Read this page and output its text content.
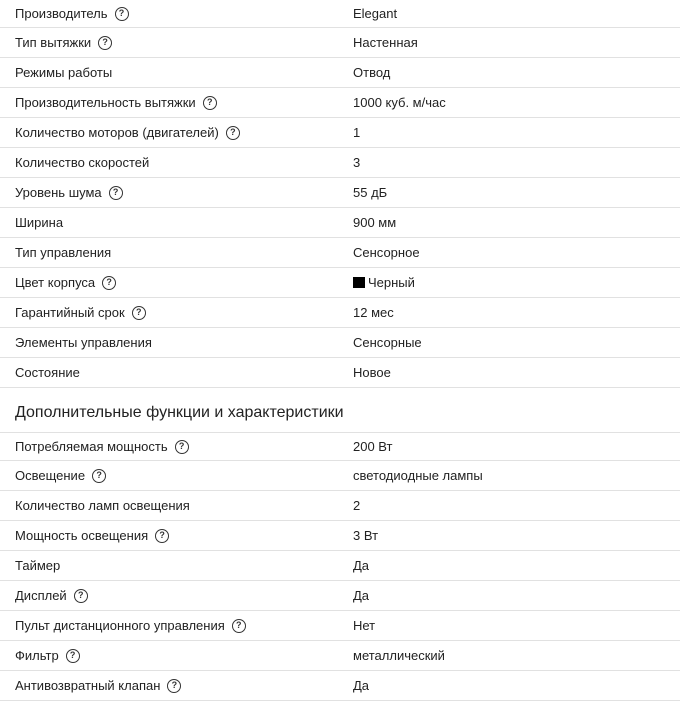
Производитель	?	Elegant
Тип вытяжки	?	Настенная
Режимы работы	Отвод
Производительность вытяжки	?	1000 куб. м/час
Количество моторов (двигателей)	?	1
Количество скоростей	3
Уровень шума	?	55 дБ
Ширина	900 мм
Тип управления	Сенсорное
Цвет корпуса	?	Черный
Гарантийный срок	?	12 мес
Элементы управления	Сенсорные
Состояние	Новое
Дополнительные функции и характеристики
Потребляемая мощность	?	200 Вт
Освещение	?	светодиодные лампы
Количество ламп освещения	2
Мощность освещения	?	3 Вт
Таймер	Да
Дисплей	?	Да
Пульт дистанционного управления	?	Нет
Фильтр	?	металлический
Антивозвратный клапан	?	Да
